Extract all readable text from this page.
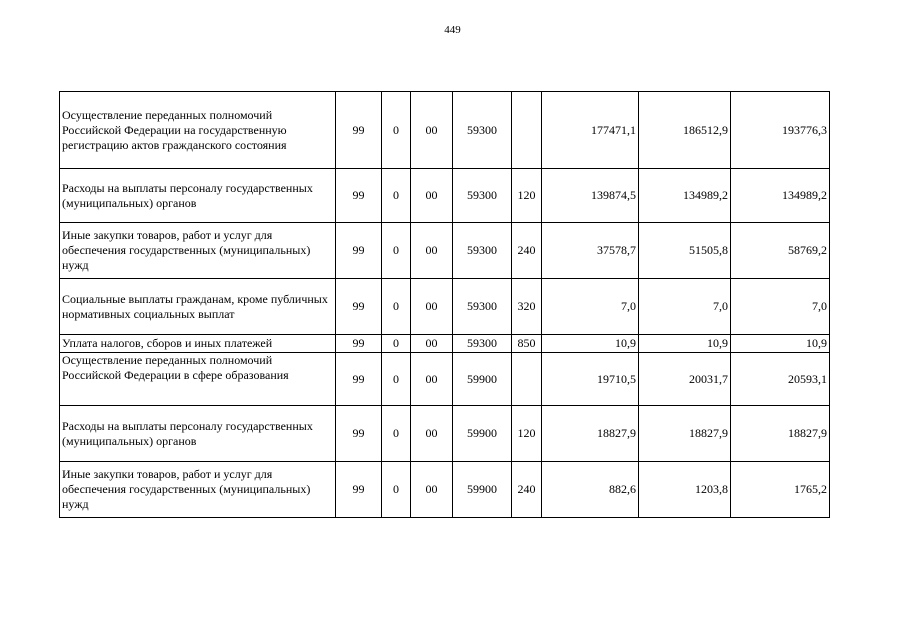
449
Осуществление переданных полномочий Российской Федерации на государственную регистрацию актов гражданского состояния	99	0	00	59300		177471,1	186512,9	193776,3
Расходы на выплаты персоналу государственных (муниципальных) органов	99	0	00	59300	120	139874,5	134989,2	134989,2
Иные закупки товаров, работ и услуг для обеспечения государственных (муниципальных) нужд	99	0	00	59300	240	37578,7	51505,8	58769,2
Социальные выплаты гражданам, кроме публичных нормативных социальных выплат	99	0	00	59300	320	7,0	7,0	7,0
Уплата налогов, сборов и иных платежей	99	0	00	59300	850	10,9	10,9	10,9
Осуществление переданных полномочий Российской Федерации в сфере образования	99	0	00	59900		19710,5	20031,7	20593,1
Расходы на выплаты персоналу государственных (муниципальных) органов	99	0	00	59900	120	18827,9	18827,9	18827,9
Иные закупки товаров, работ и услуг для обеспечения государственных (муниципальных) нужд	99	0	00	59900	240	882,6	1203,8	1765,2
